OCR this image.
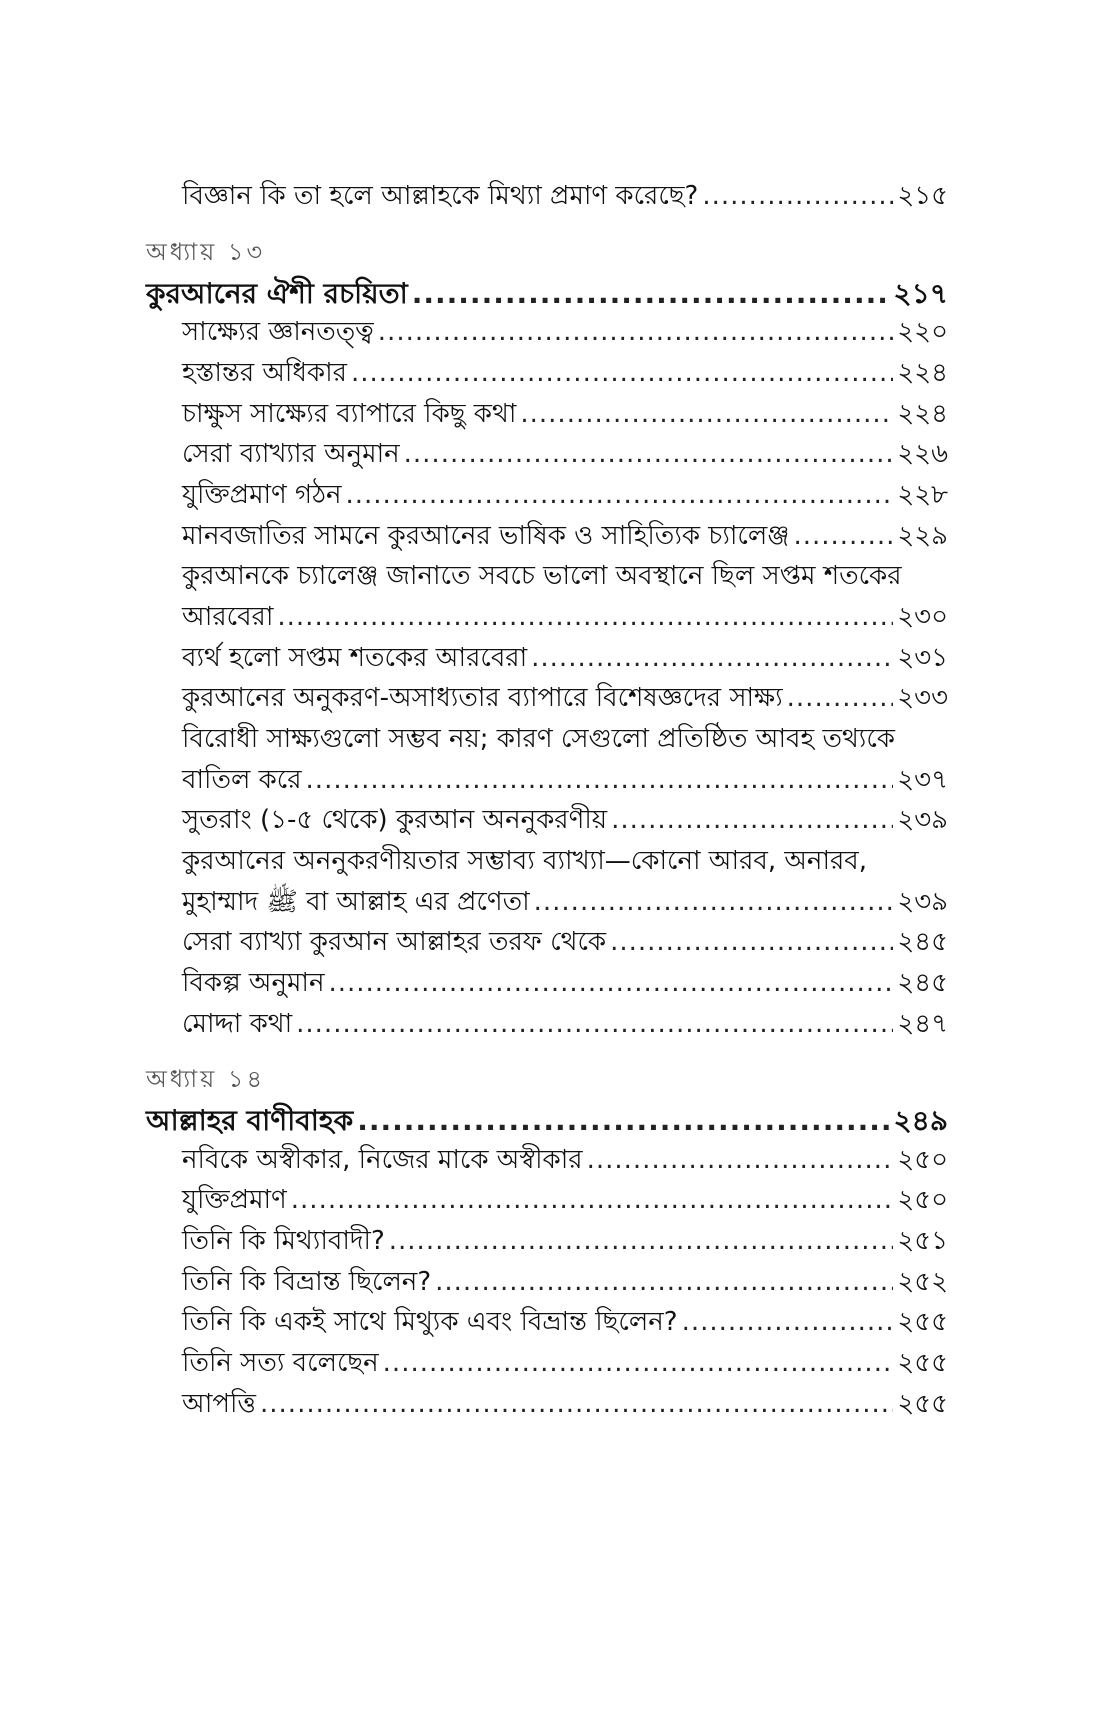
বিজ্ঞান কি তা হলে আল্লাহকে মিথ্যা প্রমাণ করেছে? .....	২১৫
অধ্যায় ১৩
কুরআনের ঐশী রচয়িতা .....	২১৭
সাক্ষ্যের জ্ঞানতত্ত্ব .....	২২০
হস্তান্তর অধিকার .....	২২৪
চাক্ষুস সাক্ষ্যের ব্যাপারে কিছু কথা .....	২২৪
সেরা ব্যাখ্যার অনুমান .....	২২৬
যুক্তিপ্রমাণ গঠন .....	২২৮
মানবজাতির সামনে কুরআনের ভাষিক ও সাহিত্যিক চ্যালেঞ্জ .....	২২৯
কুরআনকে চ্যালেঞ্জ জানাতে সবচে ভালো অবস্থানে ছিল সপ্তম শতকের
আরবেরা .....	২৩০
ব্যর্থ হলো সপ্তম শতকের আরবেরা .....	২৩১
কুরআনের অনুকরণ-অসাধ্যতার ব্যাপারে বিশেষজ্ঞদের সাক্ষ্য .....	২৩৩
বিরোধী সাক্ষ্যগুলো সম্ভব নয়; কারণ সেগুলো প্রতিষ্ঠিত আবহ তথ্যকে
বাতিল করে .....	২৩৭
সুতরাং (১-৫ থেকে) কুরআন অননুকরণীয় .....	২৩৯
কুরআনের অননুকরণীয়তার সম্ভাব্য ব্যাখ্যা—কোনো আরব, অনারব,
মুহাম্মাদ ﷺ বা আল্লাহ এর প্রণেতা .....	২৩৯
সেরা ব্যাখ্যা কুরআন আল্লাহর তরফ থেকে .....	২৪৫
বিকল্প অনুমান .....	২৪৫
মোদ্দা কথা .....	২৪৭
অধ্যায় ১৪
আল্লাহর বাণীবাহক .....	২৪৯
নবিকে অস্বীকার, নিজের মাকে অস্বীকার .....	২৫০
যুক্তিপ্রমাণ .....	২৫০
তিনি কি মিথ্যাবাদী? .....	২৫১
তিনি কি বিভ্রান্ত ছিলেন? .....	২৫২
তিনি কি একই সাথে মিথ্যুক এবং বিভ্রান্ত ছিলেন? .....	২৫৫
তিনি সত্য বলেছেন .....	২৫৫
আপত্তি .....	২৫৫
